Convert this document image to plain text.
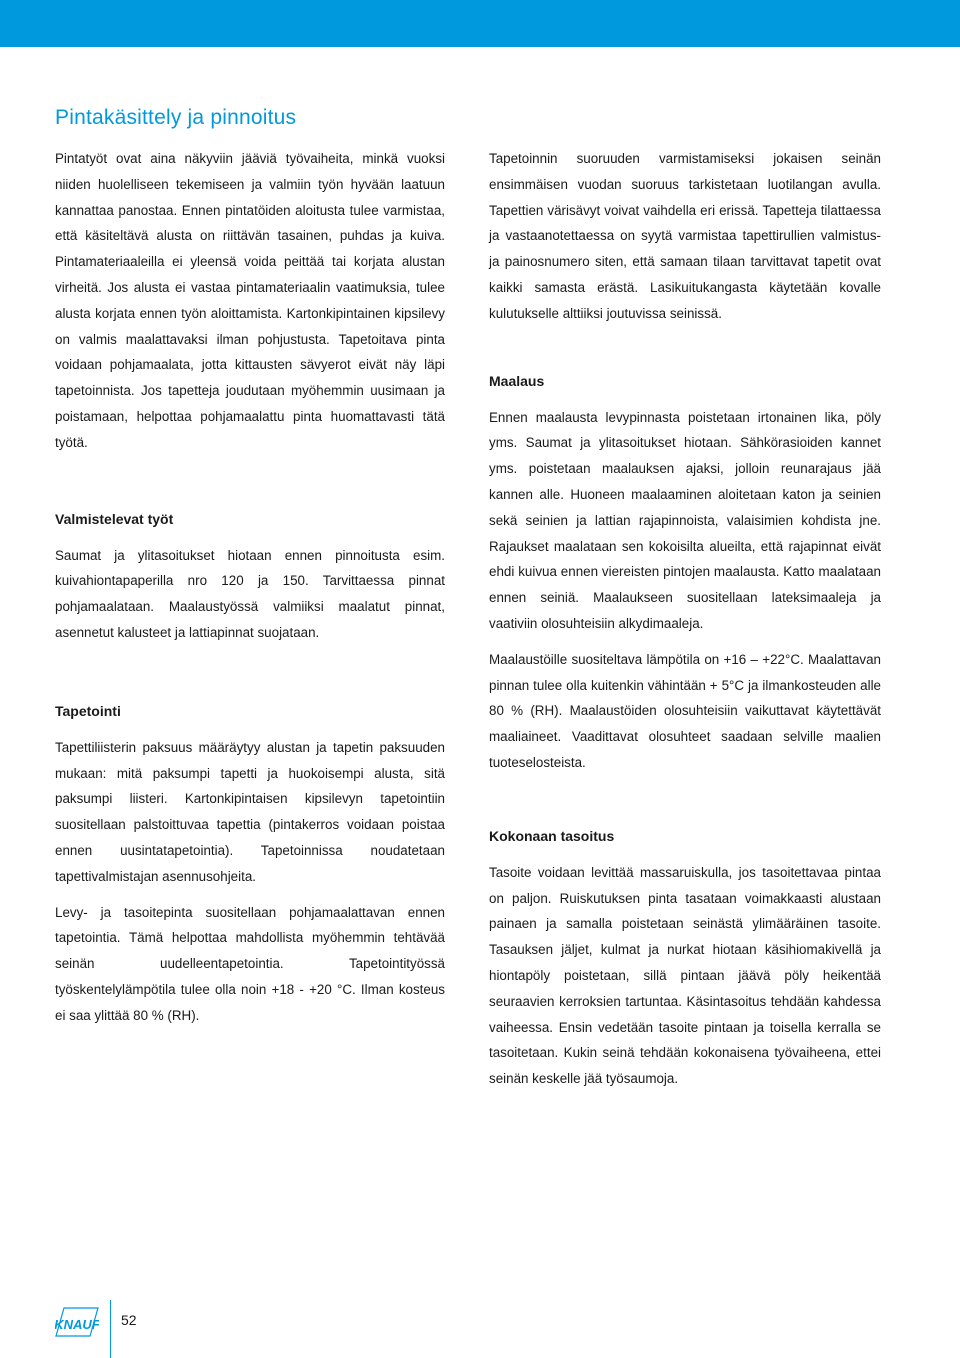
Pintakäsittely ja pinnoitus

Pintatyöt ovat aina näkyviin jääviä työvaiheita, minkä vuoksi niiden huolelliseen tekemiseen ja valmiin työn hyvään laatuun kannattaa panostaa. Ennen pintatöiden aloitusta tulee varmistaa, että käsiteltävä alusta on riittävän tasainen, puhdas ja kuiva. Pintamateriaaleilla ei yleensä voida peittää tai korjata alustan virheitä. Jos alusta ei vastaa pintamateriaalin vaatimuksia, tulee alusta korjata ennen työn aloittamista. Kartonkipintainen kipsilevy on valmis maalattavaksi ilman pohjustusta. Tapetoitava pinta voidaan pohjamaalata, jotta kittausten sävyerot eivät näy läpi tapetoinnista. Jos tapetteja joudutaan myöhemmin uusimaan ja poistamaan, helpottaa pohjamaalattu pinta huomattavasti tätä työtä.

Valmistelevat työt

Saumat ja ylitasoitukset hiotaan ennen pinnoitusta esim. kuivahiontapaperilla nro 120 ja 150. Tarvittaessa pinnat pohjamaalataan. Maalaustyössä valmiiksi maalatut pinnat, asennetut kalusteet ja lattiapinnat suojataan.

Tapetointi

Tapettiliisterin paksuus määräytyy alustan ja tapetin paksuuden mukaan: mitä paksumpi tapetti ja huokoisempi alusta, sitä paksumpi liisteri. Kartonkipintaisen kipsilevyn tapetointiin suositellaan palstoittuvaa tapettia (pintakerros voidaan poistaa ennen uusintatapetointia). Tapetoinnissa noudatetaan tapettivalmistajan asennusohjeita.

Levy- ja tasoitepinta suositellaan pohjamaalattavan ennen tapetointia. Tämä helpottaa mahdollista myöhemmin tehtävää seinän uudelleentapetointia. Tapetointityössä työskentelylämpötila tulee olla noin +18 - +20 °C. Ilman kosteus ei saa ylittää 80 % (RH).

Tapetoinnin suoruuden varmistamiseksi jokaisen seinän ensimmäisen vuodan suoruus tarkistetaan luotilangan avulla. Tapettien värisävyt voivat vaihdella eri erissä. Tapetteja tilattaessa ja vastaanotettaessa on syytä varmistaa tapettirullien valmistus- ja painosnumero siten, että samaan tilaan tarvittavat tapetit ovat kaikki samasta erästä. Lasikuitukangasta käytetään kovalle kulutukselle alttiiksi joutuvissa seinissä.

Maalaus

Ennen maalausta levypinnasta poistetaan irtonainen lika, pöly yms. Saumat ja ylitasoitukset hiotaan. Sähkörasioiden kannet yms. poistetaan maalauksen ajaksi, jolloin reunarajaus jää kannen alle. Huoneen maalaaminen aloitetaan katon ja seinien sekä seinien ja lattian rajapinnoista, valaisimien kohdista jne. Rajaukset maalataan sen kokoisilta alueilta, että rajapinnat eivät ehdi kuivua ennen viereisten pintojen maalausta. Katto maalataan ennen seiniä. Maalaukseen suositellaan lateksimaaleja ja vaativiin olosuhteisiin alkydimaaleja.

Maalaustöille suositeltava lämpötila on +16 – +22°C. Maalattavan pinnan tulee olla kuitenkin vähintään + 5°C ja ilmankosteuden alle 80 % (RH). Maalaustöiden olosuhteisiin vaikuttavat käytettävät maaliaineet. Vaadittavat olosuhteet saadaan selville maalien tuoteselosteista.

Kokonaan tasoitus

Tasoite voidaan levittää massaruiskulla, jos tasoitettavaa pintaa on paljon. Ruiskutuksen pinta tasataan voimakkaasti alustaan painaen ja samalla poistetaan seinästä ylimääräinen tasoite. Tasauksen jäljet, kulmat ja nurkat hiotaan käsihiomakivellä ja hiontapöly poistetaan, sillä pintaan jäävä pöly heikentää seuraavien kerroksien tartuntaa. Käsintasoitus tehdään kahdessa vaiheessa. Ensin vedetään tasoite pintaan ja toisella kerralla se tasoitetaan. Kukin seinä tehdään kokonaisena työvaiheena, ettei seinän keskelle jää työsaumoja.

KNAUF 52
